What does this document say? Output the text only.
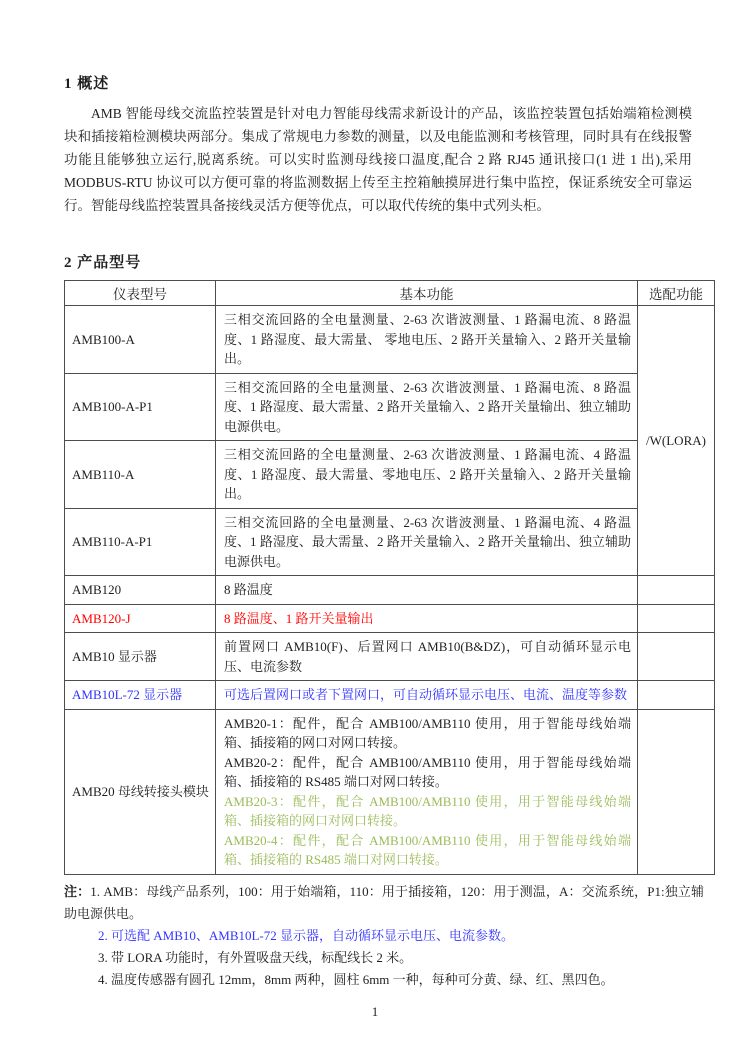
1 概述

AMB 智能母线交流监控装置是针对电力智能母线需求新设计的产品，该监控装置包括始端箱检测模块和插接箱检测模块两部分。集成了常规电力参数的测量，以及电能监测和考核管理，同时具有在线报警功能且能够独立运行,脱离系统。可以实时监测母线接口温度,配合 2 路 RJ45 通讯接口(1 进 1 出),采用 MODBUS-RTU 协议可以方便可靠的将监测数据上传至主控箱触摸屏进行集中监控，保证系统安全可靠运行。智能母线监控装置具备接线灵活方便等优点，可以取代传统的集中式列头柜。

2 产品型号
仪表型号	基本功能	选配功能
AMB100-A	三相交流回路的全电量测量、2-63 次谐波测量、1 路漏电流、8 路温度、1 路湿度、最大需量、 零地电压、2 路开关量输入、2 路开关量输出。	/W(LORA)
AMB100-A-P1	三相交流回路的全电量测量、2-63 次谐波测量、1 路漏电流、8 路温度、1 路湿度、最大需量、2 路开关量输入、2 路开关量输出、独立辅助电源供电。	

AMB110-A	三相交流回路的全电量测量、2-63 次谐波测量、1 路漏电流、4 路温度、1 路湿度、最大需量、零地电压、2 路开关量输入、2 路开关量输出。	

AMB110-A-P1	三相交流回路的全电量测量、2-63 次谐波测量、1 路漏电流、4 路温度、1 路湿度、最大需量、2 路开关量输入、2 路开关量输出、独立辅助电源供电。	

AMB120	8 路温度	

AMB120-J	8 路温度、1 路开关量输出	

AMB10 显示器	前置网口 AMB10(F)、后置网口 AMB10(B&DZ)，可自动循环显示电压、电流参数	

AMB10L-72 显示器	可选后置网口或者下置网口，可自动循环显示电压、电流、温度等参数	

AMB20 母线转接头模块	AMB20-1：配件，配合 AMB100/AMB110 使用，用于智能母线始端箱、插接箱的网口对网口转接。
AMB20-2：配件，配合 AMB100/AMB110 使用，用于智能母线始端箱、插接箱的 RS485 端口对网口转接。
AMB20-3：配件，配合 AMB100/AMB110 使用，用于智能母线始端箱、插接箱的网口对网口转接。
AMB20-4：配件，配合 AMB100/AMB110 使用，用于智能母线始端箱、插接箱的 RS485 端口对网口转接。	

注：1. AMB：母线产品系列，100：用于始端箱，110：用于插接箱，120：用于测温，A：交流系统，P1:独立辅助电源供电。
2. 可选配 AMB10、AMB10L-72 显示器，自动循环显示电压、电流参数。
3. 带 LORA 功能时，有外置吸盘天线，标配线长 2 米。
4. 温度传感器有圆孔 12mm，8mm 两种，圆柱 6mm 一种，每种可分黄、绿、红、黑四色。
1
